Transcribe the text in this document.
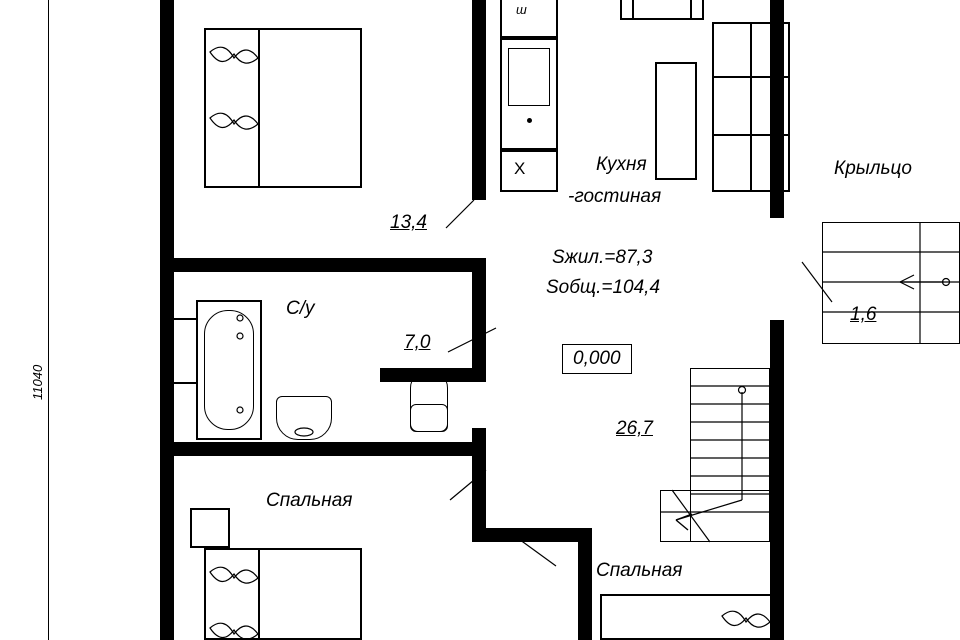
11040
ш
X
13,4
С/у
7,0
Кухня
-гостиная
26,7
Крыльцо
1,6
Спальная
Спальная
Sжил.=87,3
Sобщ.=104,4
0,000
